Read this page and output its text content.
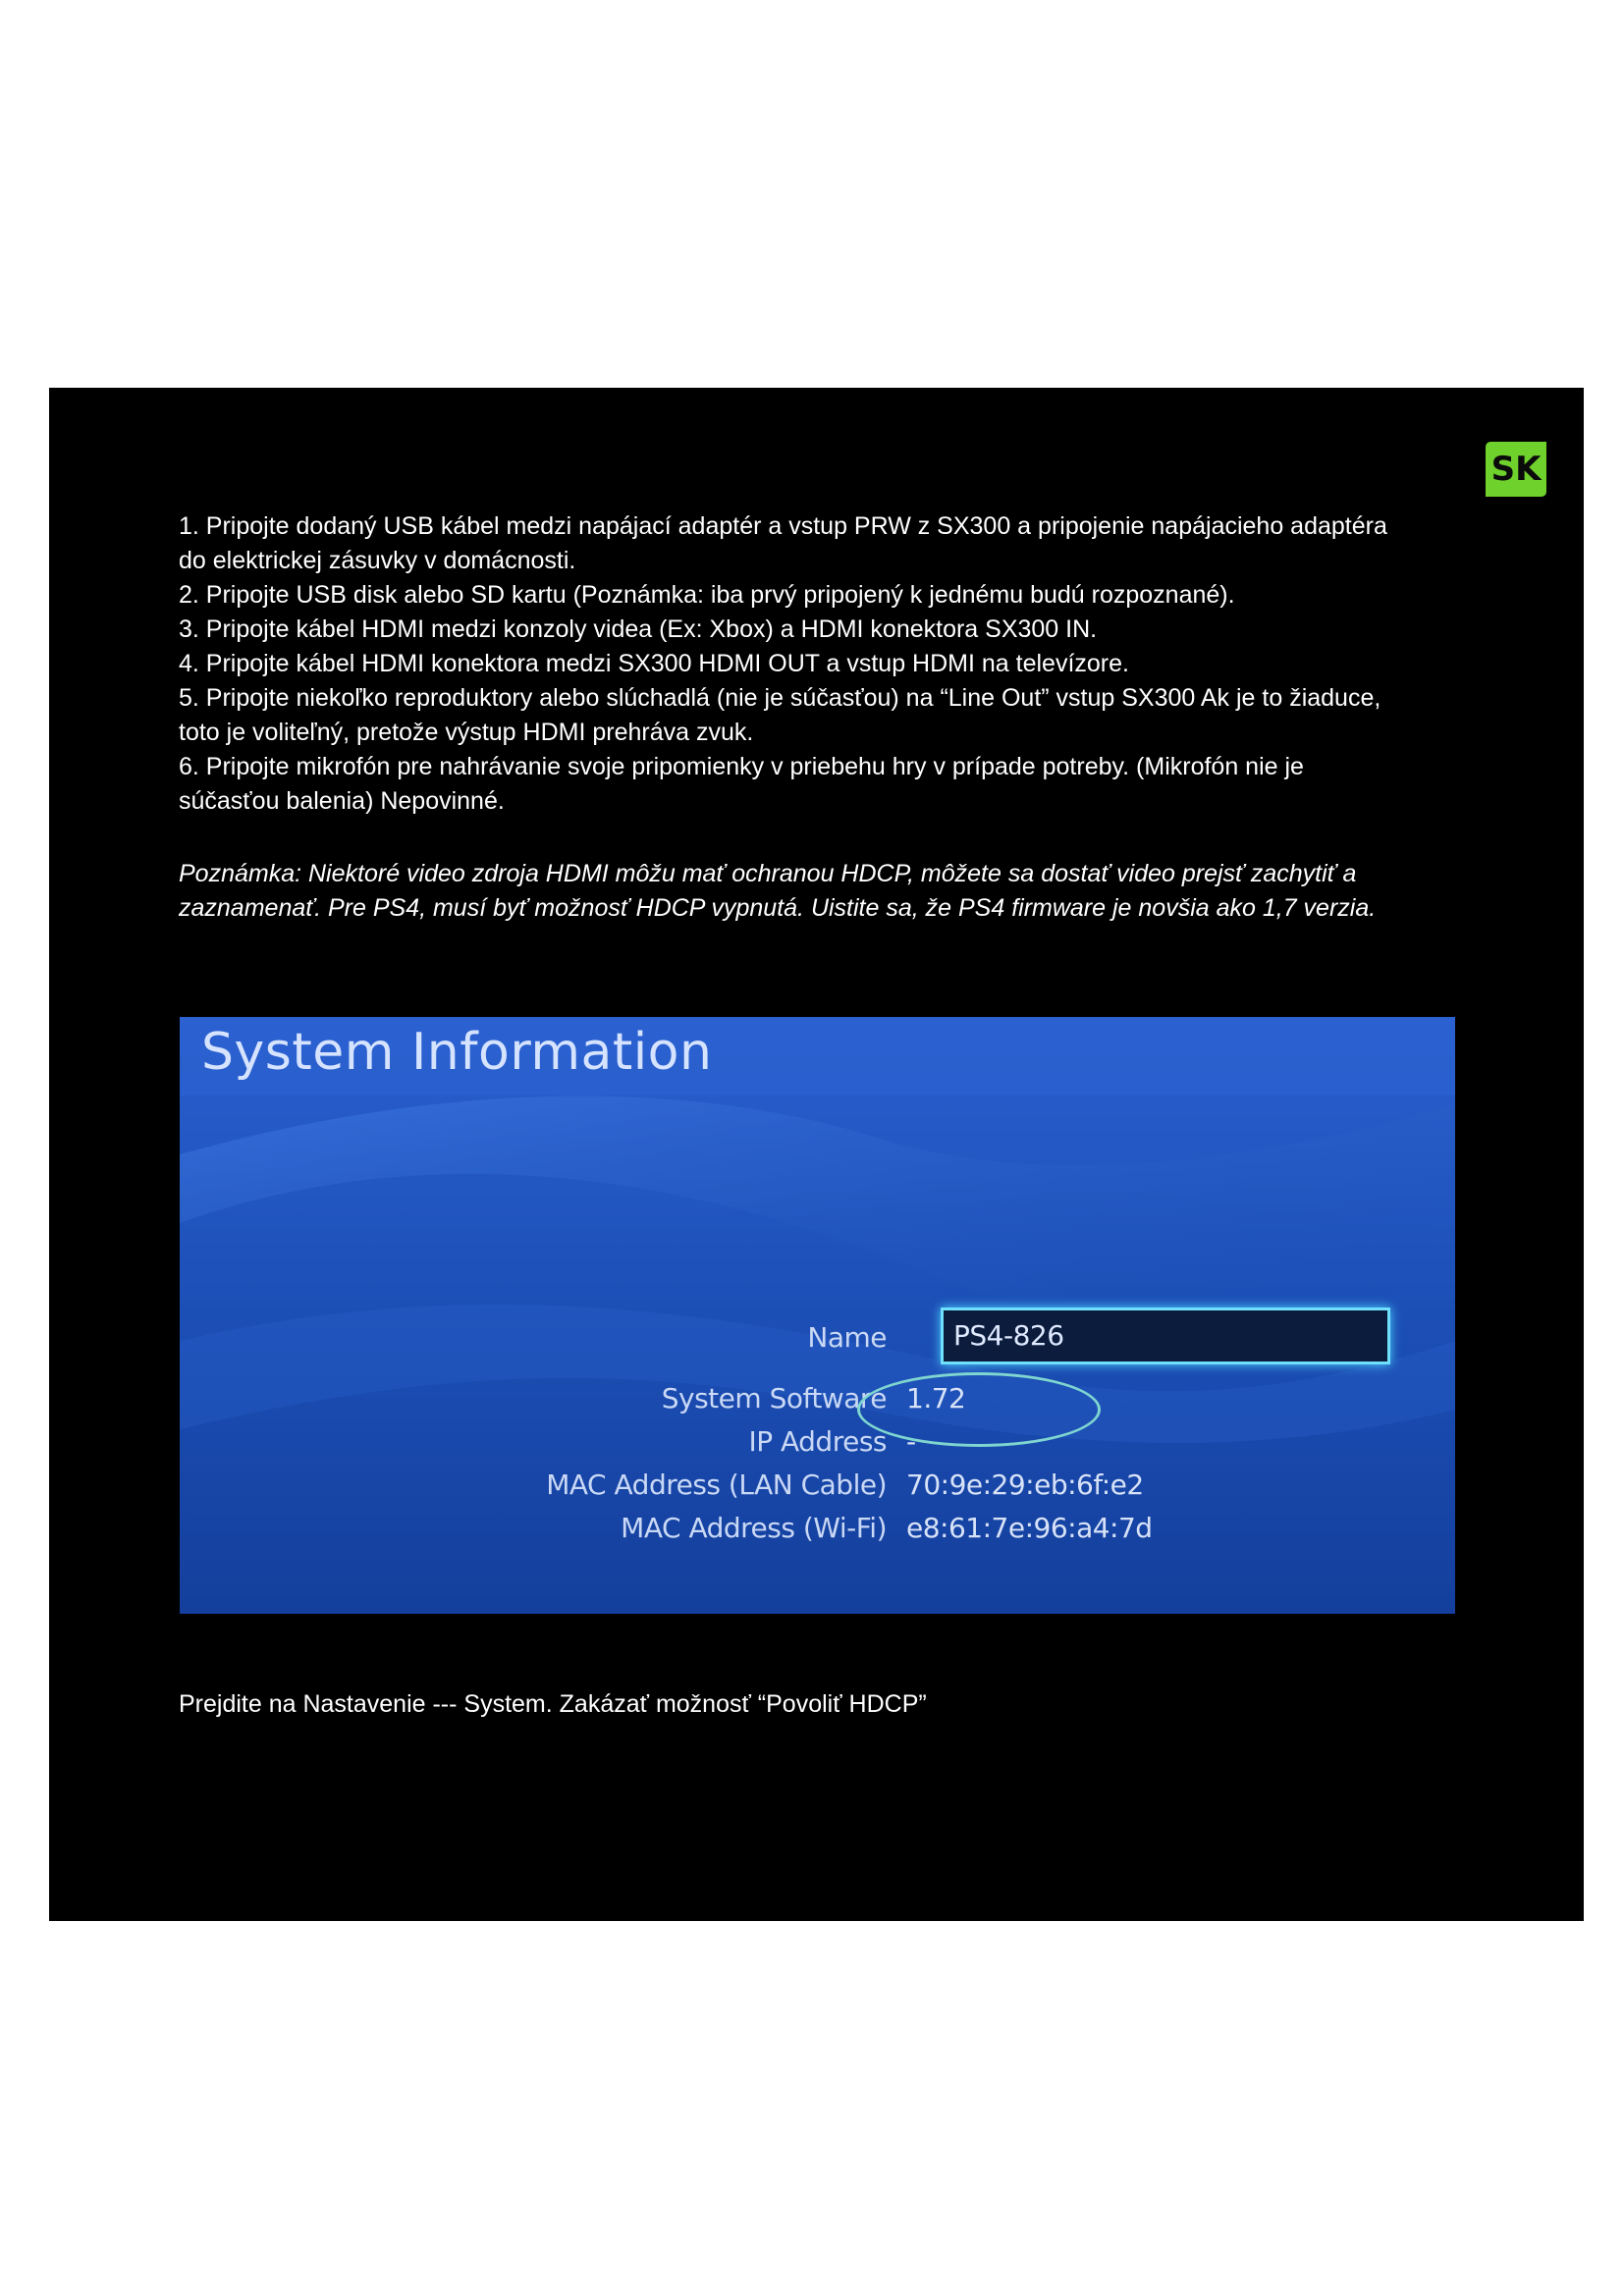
SK

1. Pripojte dodaný USB kábel medzi napájací adaptér a vstup PRW z SX300 a pripojenie napájacieho adaptéra

do elektrickej zásuvky v domácnosti.

2. Pripojte USB disk alebo SD kartu (Poznámka: iba prvý pripojený k jednému budú rozpoznané).

3. Pripojte kábel HDMI medzi konzoly videa (Ex: Xbox) a HDMI konektora SX300 IN.

4. Pripojte kábel HDMI konektora medzi SX300 HDMI OUT a vstup HDMI na televízore.

5. Pripojte niekoľko reproduktory alebo slúchadlá (nie je súčasťou) na “Line Out” vstup SX300 Ak je to žiaduce,

toto je voliteľný, pretože výstup HDMI prehráva zvuk.

6. Pripojte mikrofón pre nahrávanie svoje pripomienky v priebehu hry v prípade potreby. (Mikrofón nie je

súčasťou balenia) Nepovinné.

Poznámka: Niektoré video zdroja HDMI môžu mať ochranou HDCP, môžete sa dostať video prejsť zachytiť a

zaznamenať. Pre PS4, musí byť možnosť HDCP vypnutá. Uistite sa, že PS4 firmware je novšia ako 1,7 verzia.

System Information
PS4-826
Name
System Software 1.72
IP Address -
MAC Address (LAN Cable) 70:9e:29:eb:6f:e2
MAC Address (Wi-Fi) e8:61:7e:96:a4:7d
Prejdite na Nastavenie --- System. Zakázať možnosť “Povoliť HDCP”
